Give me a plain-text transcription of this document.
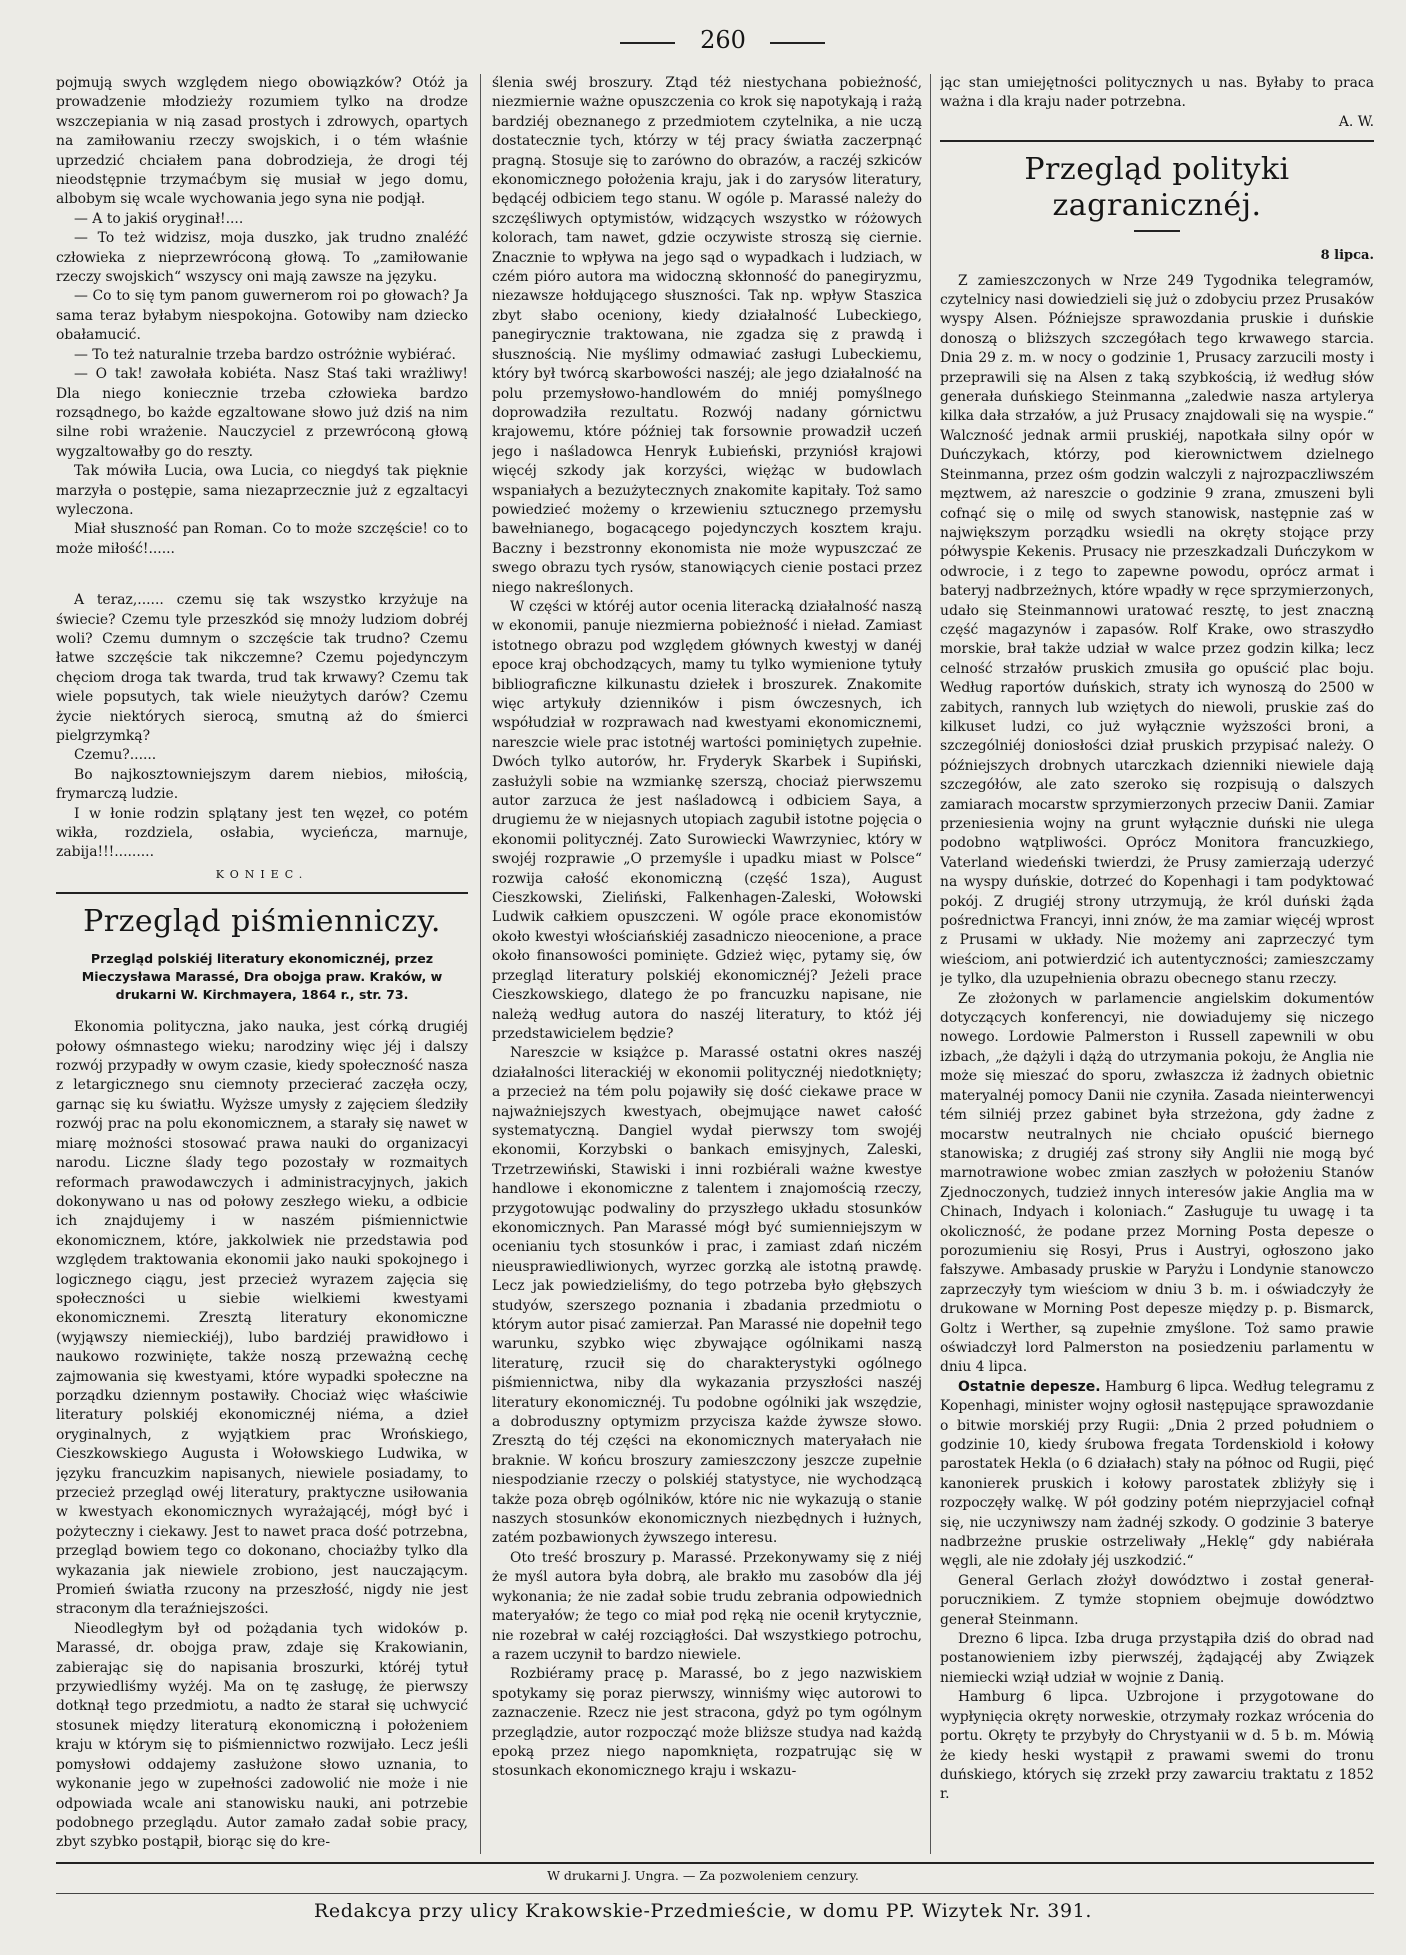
260

pojmują swych względem niego obowiązków? Otóż ja prowadzenie młodzieży rozumiem tylko na drodze wszczepiania w nią zasad prostych i zdrowych, opartych na zamiłowaniu rzeczy swojskich, i o tém właśnie uprzedzić chciałem pana dobrodzieja, że drogi téj nieodstępnie trzymaćbym się musiał w jego domu, albobym się wcale wychowania jego syna nie podjął.

— A to jakiś oryginał!....

— To też widzisz, moja duszko, jak trudno znaléźć człowieka z nieprzewróconą głową. To „zamiłowanie rzeczy swojskich“ wszyscy oni mają zawsze na języku.

— Co to się tym panom guwernerom roi po głowach? Ja sama teraz byłabym niespokojna. Gotowiby nam dziecko obałamucić.

— To też naturalnie trzeba bardzo ostróżnie wybiérać.

— O tak! zawołała kobiéta. Nasz Staś taki wrażliwy! Dla niego koniecznie trzeba człowieka bardzo rozsądnego, bo każde egzaltowane słowo już dziś na nim silne robi wrażenie. Nauczyciel z przewróconą głową wygzaltowałby go do reszty.

Tak mówiła Lucia, owa Lucia, co niegdyś tak pięknie marzyła o postępie, sama niezaprzecznie już z egzaltacyi wyleczona.

Miał słuszność pan Roman. Co to może szczęście! co to może miłość!......

A teraz,...... czemu się tak wszystko krzyżuje na świecie? Czemu tyle przeszkód się mnoży ludziom dobréj woli? Czemu dumnym o szczęście tak trudno? Czemu łatwe szczęście tak nikczemne? Czemu pojedynczym chęciom droga tak twarda, trud tak krwawy? Czemu tak wiele popsutych, tak wiele nieużytych darów? Czemu życie niektórych sierocą, smutną aż do śmierci pielgrzymką?

Czemu?......

Bo najkosztowniejszym darem niebios, miłością, frymarczą ludzie.

I w łonie rodzin splątany jest ten węzeł, co potém wikła, rozdziela, osłabia, wycieńcza, marnuje, zabija!!!.........

KONIEC.
Przegląd piśmienniczy.
Przegląd polskiéj literatury ekonomicznéj, przez Mieczysława Marassé, Dra obojga praw. Kraków, w drukarni W. Kirchmayera, 1864 r., str. 73.

Ekonomia polityczna, jako nauka, jest córką drugiéj połowy ośmnastego wieku; narodziny więc jéj i dalszy rozwój przypadły w owym czasie, kiedy społeczność nasza z letargicznego snu ciemnoty przecierać zaczęła oczy, garnąc się ku światłu. Wyższe umysły z zajęciem śledziły rozwój prac na polu ekonomicznem, a starały się nawet w miarę możności stosować prawa nauki do organizacyi narodu. Liczne ślady tego pozostały w rozmaitych reformach prawodawczych i administracyjnych, jakich dokonywano u nas od połowy zeszłego wieku, a odbicie ich znajdujemy i w naszém piśmiennictwie ekonomicznem, które, jakkolwiek nie przedstawia pod względem traktowania ekonomii jako nauki spokojnego i logicznego ciągu, jest przecież wyrazem zajęcia się społeczności u siebie wielkiemi kwestyami ekonomicznemi. Zresztą literatury ekonomiczne (wyjąwszy niemieckiéj), lubo bardziéj prawidłowo i naukowo rozwinięte, także noszą przeważną cechę zajmowania się kwestyami, które wypadki społeczne na porządku dziennym postawiły. Chociaż więc właściwie literatury polskiéj ekonomicznéj niéma, a dzieł oryginalnych, z wyjątkiem prac Wrońskiego, Cieszkowskiego Augusta i Wołowskiego Ludwika, w języku francuzkim napisanych, niewiele posiadamy, to przecież przegląd owéj literatury, praktyczne usiłowania w kwestyach ekonomicznych wyrażającéj, mógł być i pożyteczny i ciekawy. Jest to nawet praca dość potrzebna, przegląd bowiem tego co dokonano, chociażby tylko dla wykazania jak niewiele zrobiono, jest nauczającym. Promień światła rzucony na przeszłość, nigdy nie jest straconym dla teraźniejszości.

Nieodległym był od pożądania tych widoków p. Marassé, dr. obojga praw, zdaje się Krakowianin, zabierając się do napisania broszurki, któréj tytuł przywiedliśmy wyżéj. Ma on tę zasługę, że pierwszy dotknął tego przedmiotu, a nadto że starał się uchwycić stosunek między literaturą ekonomiczną i położeniem kraju w którym się to piśmiennictwo rozwijało. Lecz jeśli pomysłowi oddajemy zasłużone słowo uznania, to wykonanie jego w zupełności zadowolić nie może i nie odpowiada wcale ani stanowisku nauki, ani potrzebie podobnego przeglądu. Autor zamało zadał sobie pracy, zbyt szybko postąpił, biorąc się do kre-

ślenia swéj broszury. Ztąd téż niestychana pobieżność, niezmiernie ważne opuszczenia co krok się napotykają i rażą bardziéj obeznanego z przedmiotem czytelnika, a nie uczą dostatecznie tych, którzy w téj pracy światła zaczerpnąć pragną. Stosuje się to zarówno do obrazów, a raczéj szkiców ekonomicznego położenia kraju, jak i do zarysów literatury, będącéj odbiciem tego stanu. W ogóle p. Marassé należy do szczęśliwych optymistów, widzących wszystko w różowych kolorach, tam nawet, gdzie oczywiste stroszą się ciernie. Znacznie to wpływa na jego sąd o wypadkach i ludziach, w czém pióro autora ma widoczną skłonność do panegiryzmu, niezawsze hołdującego słuszności. Tak np. wpływ Staszica zbyt słabo oceniony, kiedy działalność Lubeckiego, panegirycznie traktowana, nie zgadza się z prawdą i słusznością. Nie myślimy odmawiać zasługi Lubeckiemu, który był twórcą skarbowości naszéj; ale jego działalność na polu przemysłowo-handlowém do mniéj pomyślnego doprowadziła rezultatu. Rozwój nadany górnictwu krajowemu, które później tak forsownie prowadził uczeń jego i naśladowca Henryk Łubieński, przyniósł krajowi więcéj szkody jak korzyści, więżąc w budowlach wspaniałych a bezużytecznych znakomite kapitały. Toż samo powiedzieć możemy o krzewieniu sztucznego przemysłu bawełnianego, bogacącego pojedynczych kosztem kraju. Baczny i bezstronny ekonomista nie może wypuszczać ze swego obrazu tych rysów, stanowiących cienie postaci przez niego nakreślonych.

W części w któréj autor ocenia literacką działalność naszą w ekonomii, panuje niezmierna pobieżność i nieład. Zamiast istotnego obrazu pod względem głównych kwestyj w danéj epoce kraj obchodzących, mamy tu tylko wymienione tytuły bibliograficzne kilkunastu dziełek i broszurek. Znakomite więc artykuły dzienników i pism ówczesnych, ich współudział w rozprawach nad kwestyami ekonomicznemi, nareszcie wiele prac istotnéj wartości pominiętych zupełnie. Dwóch tylko autorów, hr. Fryderyk Skarbek i Supiński, zasłużyli sobie na wzmiankę szerszą, chociaż pierwszemu autor zarzuca że jest naśladowcą i odbiciem Saya, a drugiemu że w niejasnych utopiach zagubił istotne pojęcia o ekonomii politycznéj. Zato Surowiecki Wawrzyniec, który w swojéj rozprawie „O przemyśle i upadku miast w Polsce“ rozwija całość ekonomiczną (część 1sza), August Cieszkowski, Zieliński, Falkenhagen-Zaleski, Wołowski Ludwik całkiem opuszczeni. W ogóle prace ekonomistów około kwestyi włościańskiéj zasadniczo nieocenione, a prace około finansowości pominięte. Gdzież więc, pytamy się, ów przegląd literatury polskiéj ekonomicznéj? Jeżeli prace Cieszkowskiego, dlatego że po francuzku napisane, nie należą według autora do naszéj literatury, to któż jéj przedstawicielem będzie?

Nareszcie w książce p. Marassé ostatni okres naszéj działalności literackiéj w ekonomii politycznéj niedotknięty; a przecież na tém polu pojawiły się dość ciekawe prace w najważniejszych kwestyach, obejmujące nawet całość systematyczną. Dangiel wydał pierwszy tom swojéj ekonomii, Korzybski o bankach emisyjnych, Zaleski, Trzetrzewiński, Stawiski i inni rozbiérali ważne kwestye handlowe i ekonomiczne z talentem i znajomością rzeczy, przygotowując podwaliny do przyszłego układu stosunków ekonomicznych. Pan Marassé mógł być sumienniejszym w ocenianiu tych stosunków i prac, i zamiast zdań niczém nieusprawiedliwionych, wyrzec gorzką ale istotną prawdę. Lecz jak powiedzieliśmy, do tego potrzeba było głębszych studyów, szerszego poznania i zbadania przedmiotu o którym autor pisać zamierzał. Pan Marassé nie dopełnił tego warunku, szybko więc zbywające ogólnikami naszą literaturę, rzucił się do charakterystyki ogólnego piśmiennictwa, niby dla wykazania przyszłości naszéj literatury ekonomicznéj. Tu podobne ogólniki jak wszędzie, a dobroduszny optymizm przycisza każde żywsze słowo. Zresztą do téj części na ekonomicznych materyałach nie braknie. W końcu broszury zamieszczony jeszcze zupełnie niespodzianie rzeczy o polskiéj statystyce, nie wychodzącą także poza obręb ogólników, które nic nie wykazują o stanie naszych stosunków ekonomicznych niezbędnych i łużnych, zatém pozbawionych żywszego interesu.

Oto treść broszury p. Marassé. Przekonywamy się z niéj że myśl autora była dobrą, ale brakło mu zasobów dla jéj wykonania; że nie zadał sobie trudu zebrania odpowiednich materyałów; że tego co miał pod ręką nie ocenił krytycznie, nie rozebrał w całéj rozciągłości. Dał wszystkiego potrochu, a razem uczynił to bardzo niewiele.

Rozbiéramy pracę p. Marassé, bo z jego nazwiskiem spotykamy się poraz pierwszy, winniśmy więc autorowi to zaznaczenie. Rzecz nie jest stracona, gdyż po tym ogólnym przeglądzie, autor rozpocząć może bliższe studya nad każdą epoką przez niego napomknięta, rozpatrując się w stosunkach ekonomicznego kraju i wskazu-

jąc stan umiejętności politycznych u nas. Byłaby to praca ważna i dla kraju nader potrzebna.

A. W.
Przegląd polityki zagranicznéj.
8 lipca.

Z zamieszczonych w Nrze 249 Tygodnika telegramów, czytelnicy nasi dowiedzieli się już o zdobyciu przez Prusaków wyspy Alsen. Późniejsze sprawozdania pruskie i duńskie donoszą o bliższych szczegółach tego krwawego starcia. Dnia 29 z. m. w nocy o godzinie 1, Prusacy zarzucili mosty i przeprawili się na Alsen z taką szybkością, iż według słów generała duńskiego Steinmanna „zaledwie nasza artylerya kilka dała strzałów, a już Prusacy znajdowali się na wyspie.“ Walczność jednak armii pruskiéj, napotkała silny opór w Duńczykach, którzy, pod kierownictwem dzielnego Steinmanna, przez ośm godzin walczyli z najrozpaczliwszém męztwem, aż nareszcie o godzinie 9 zrana, zmuszeni byli cofnąć się o milę od swych stanowisk, następnie zaś w największym porządku wsiedli na okręty stojące przy półwyspie Kekenis. Prusacy nie przeszkadzali Duńczykom w odwrocie, i z tego to zapewne powodu, oprócz armat i bateryj nadbrzeżnych, które wpadły w ręce sprzymierzonych, udało się Steinmannowi uratować resztę, to jest znaczną część magazynów i zapasów. Rolf Krake, owo straszydło morskie, brał także udział w walce przez godzin kilka; lecz celność strzałów pruskich zmusiła go opuścić plac boju. Według raportów duńskich, straty ich wynoszą do 2500 w zabitych, rannych lub wziętych do niewoli, pruskie zaś do kilkuset ludzi, co już wyłącznie wyższości broni, a szczególniéj doniosłości dział pruskich przypisać należy. O późniejszych drobnych utarczkach dzienniki niewiele dają szczegółów, ale zato szeroko się rozpisują o dalszych zamiarach mocarstw sprzymierzonych przeciw Danii. Zamiar przeniesienia wojny na grunt wyłącznie duński nie ulega podobno wątpliwości. Oprócz Monitora francuzkiego, Vaterland wiedeński twierdzi, że Prusy zamierzają uderzyć na wyspy duńskie, dotrzeć do Kopenhagi i tam podyktować pokój. Z drugiéj strony utrzymują, że król duński żąda pośrednictwa Francyi, inni znów, że ma zamiar więcéj wprost z Prusami w układy. Nie możemy ani zaprzeczyć tym wieściom, ani potwierdzić ich autentyczności; zamieszczamy je tylko, dla uzupełnienia obrazu obecnego stanu rzeczy.

Ze złożonych w parlamencie angielskim dokumentów dotyczących konferencyi, nie dowiadujemy się niczego nowego. Lordowie Palmerston i Russell zapewnili w obu izbach, „że dążyli i dążą do utrzymania pokoju, że Anglia nie może się mieszać do sporu, zwłaszcza iż żadnych obietnic materyalnéj pomocy Danii nie czyniła. Zasada nieinterwencyi tém silniéj przez gabinet była strzeżona, gdy żadne z mocarstw neutralnych nie chciało opuścić biernego stanowiska; z drugiéj zaś strony siły Anglii nie mogą być marnotrawione wobec zmian zaszłych w położeniu Stanów Zjednoczonych, tudzież innych interesów jakie Anglia ma w Chinach, Indyach i koloniach.“ Zasługuje tu uwagę i ta okoliczność, że podane przez Morning Posta depesze o porozumieniu się Rosyi, Prus i Austryi, ogłoszono jako fałszywe. Ambasady pruskie w Paryżu i Londynie stanowczo zaprzeczyły tym wieściom w dniu 3 b. m. i oświadczyły że drukowane w Morning Post depesze między p. p. Bismarck, Goltz i Werther, są zupełnie zmyślone. Toż samo prawie oświadczył lord Palmerston na posiedzeniu parlamentu w dniu 4 lipca.

Ostatnie depesze. Hamburg 6 lipca. Według telegramu z Kopenhagi, minister wojny ogłosił następujące sprawozdanie o bitwie morskiéj przy Rugii: „Dnia 2 przed południem o godzinie 10, kiedy śrubowa fregata Tordenskiold i kołowy parostatek Hekla (o 6 działach) stały na północ od Rugii, pięć kanonierek pruskich i kołowy parostatek zbliżyły się i rozpoczęły walkę. W pół godziny potém nieprzyjaciel cofnął się, nie uczyniwszy nam żadnéj szkody. O godzinie 3 bateryе nadbrzeżne pruskie ostrzeliwały „Heklę“ gdy nabiérała węgli, ale nie zdołały jéj uszkodzić.“

General Gerlach złożył dowództwo i został generał-porucznikiem. Z tymże stopniem obejmuje dowództwo generał Steinmann.

Drezno 6 lipca. Izba druga przystąpiła dziś do obrad nad postanowieniem izby pierwszéj, żądającéj aby Związek niemiecki wziął udział w wojnie z Danią.

Hamburg 6 lipca. Uzbrojone i przygotowane do wypłynięcia okręty norweskie, otrzymały rozkaz wrócenia do portu. Okręty te przybyły do Chrystyanii w d. 5 b. m. Mówią że kiedy heski wystąpił z prawami swemi do tronu duńskiego, których się zrzekł przy zawarciu traktatu z 1852 r.

W drukarni J. Ungra. — Za pozwoleniem cenzury.
Redakcya przy ulicy Krakowskie-Przedmieście, w domu PP. Wizytek Nr. 391.
